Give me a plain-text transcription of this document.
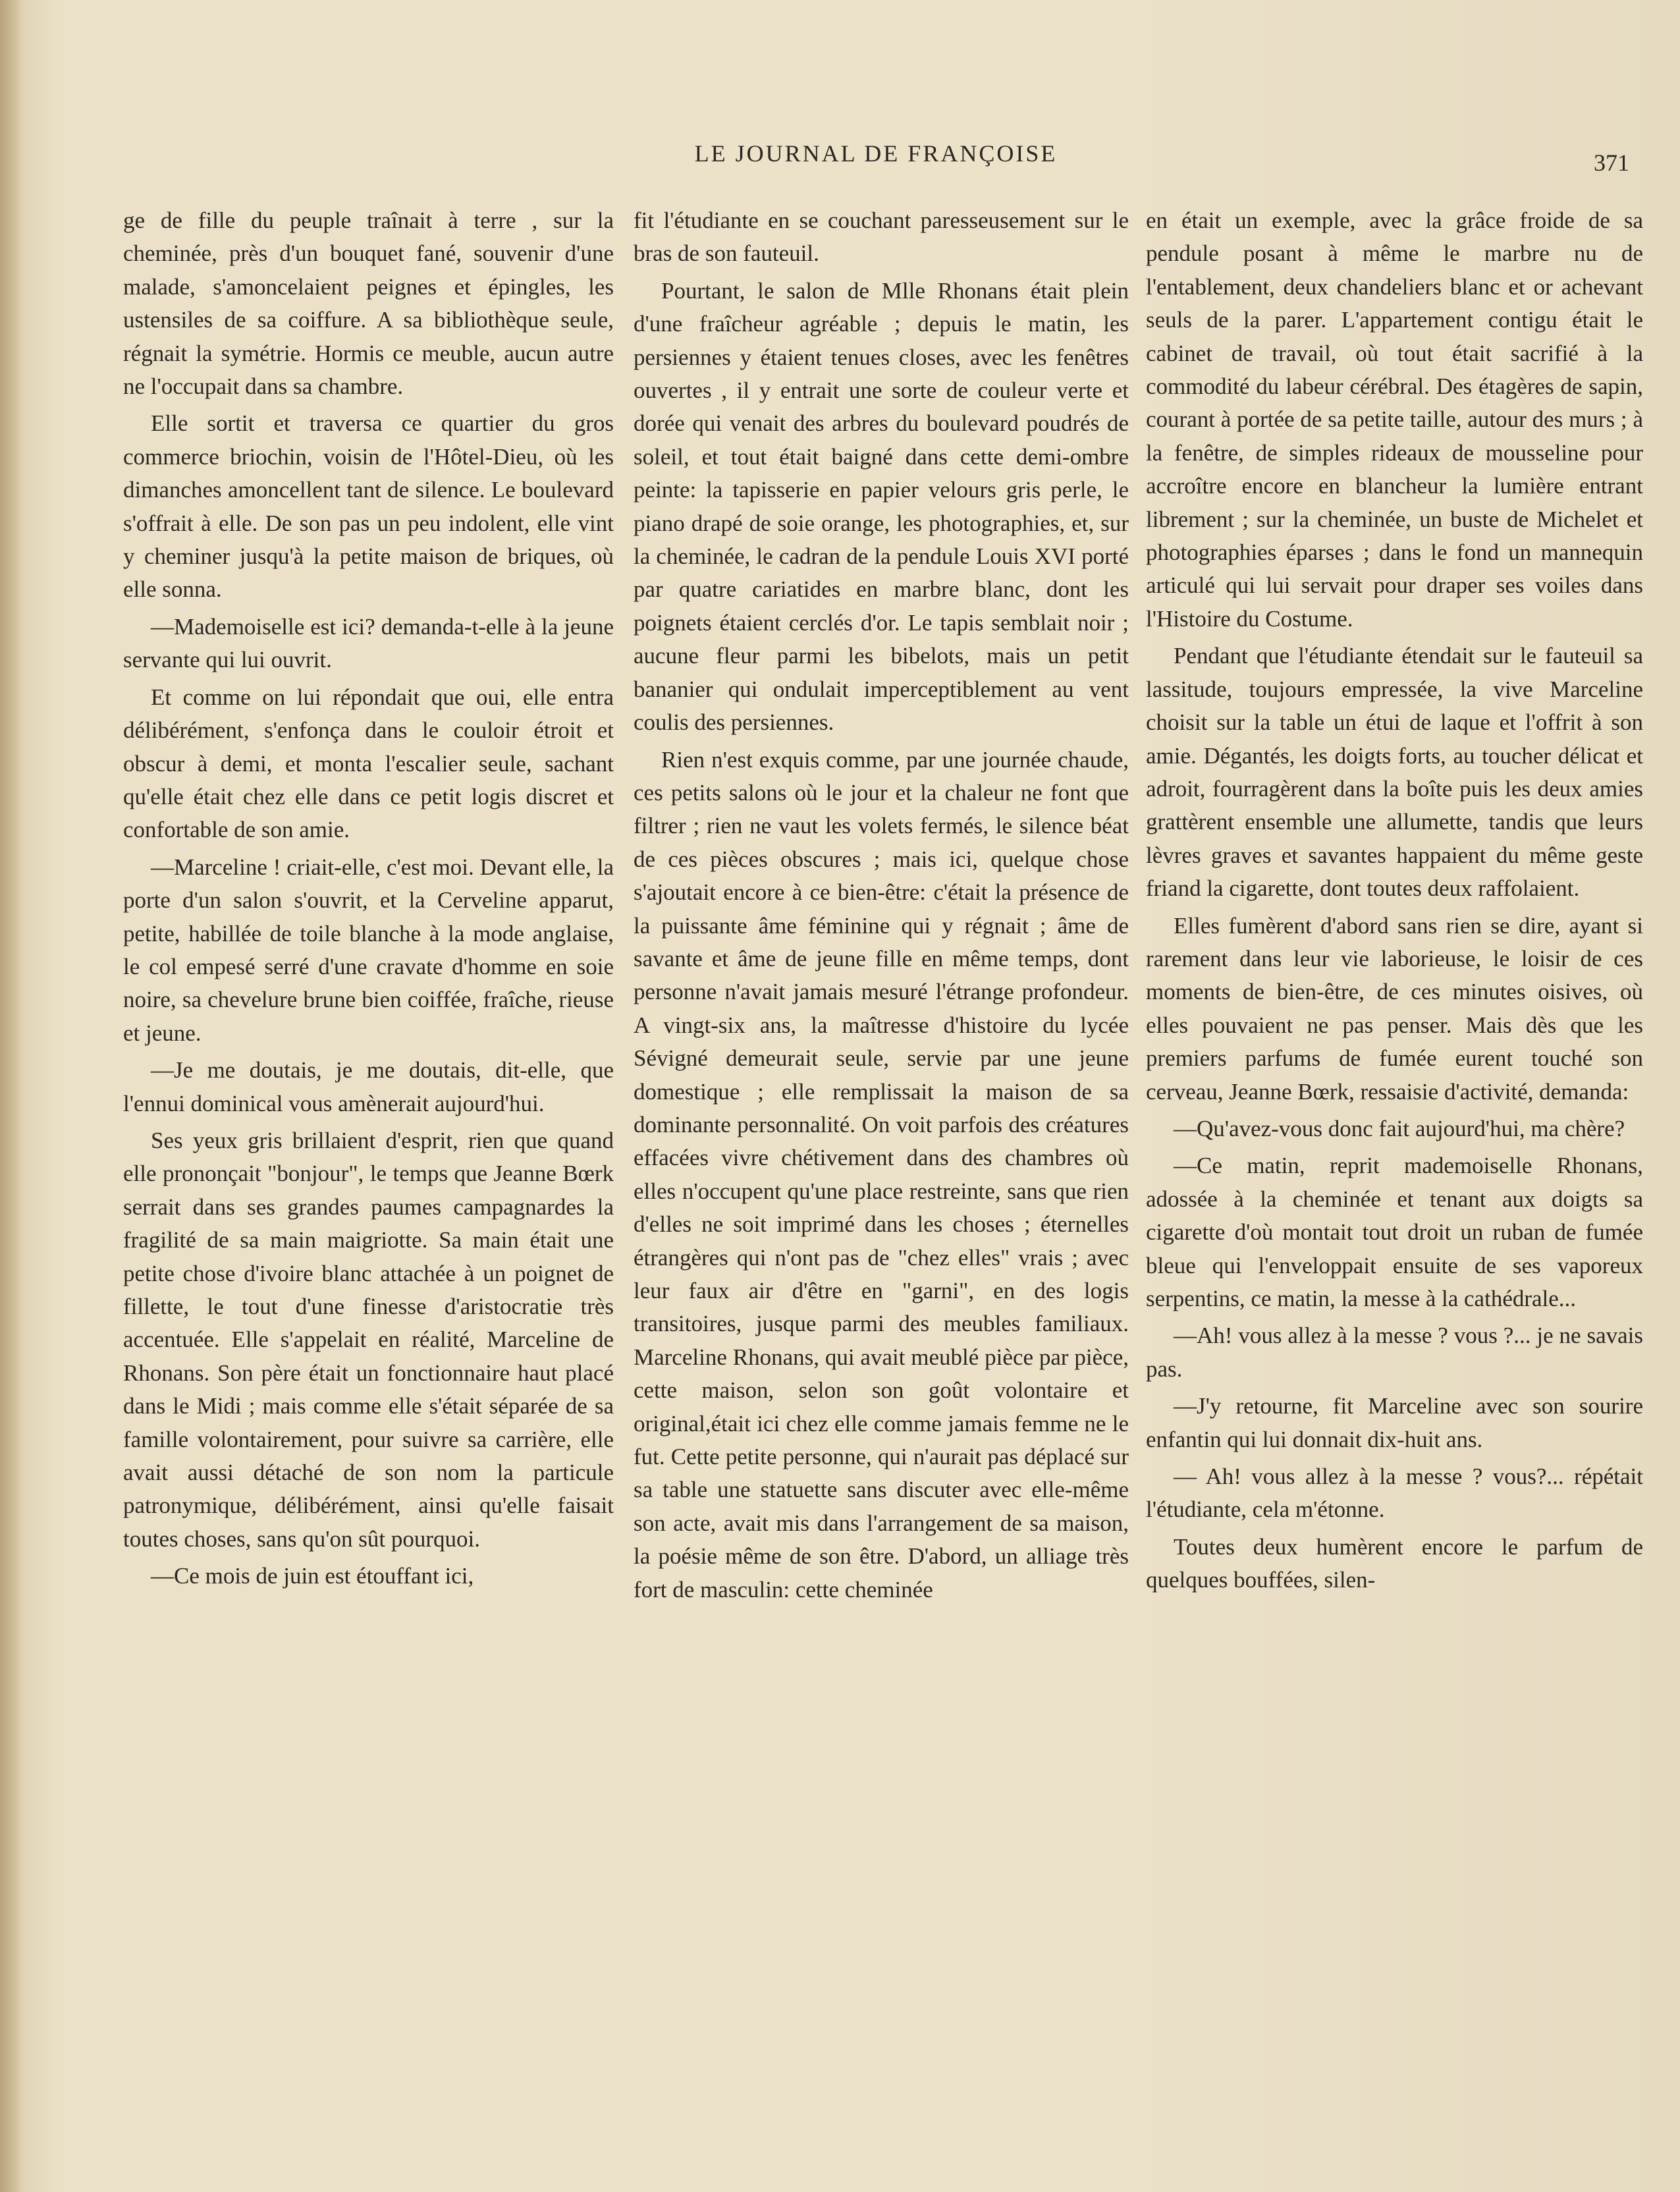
LE JOURNAL DE FRANÇOISE	371

ge de fille du peuple traînait à terre , sur la cheminée, près d'un bouquet fané, souvenir d'une malade, s'amoncelaient peignes et épingles, les ustensiles de sa coiffure. A sa bibliothèque seule, régnait la symétrie. Hormis ce meuble, aucun autre ne l'occupait dans sa chambre.

Elle sortit et traversa ce quartier du gros commerce briochin, voisin de l'Hôtel-Dieu, où les dimanches amoncellent tant de silence. Le boulevard s'offrait à elle. De son pas un peu indolent, elle vint y cheminer jusqu'à la petite maison de briques, où elle sonna.

—Mademoiselle est ici? demanda-t-elle à la jeune servante qui lui ouvrit.

Et comme on lui répondait que oui, elle entra délibérément, s'enfonça dans le couloir étroit et obscur à demi, et monta l'escalier seule, sachant qu'elle était chez elle dans ce petit logis discret et confortable de son amie.

—Marceline ! criait-elle, c'est moi. Devant elle, la porte d'un salon s'ouvrit, et la Cerveline apparut, petite, habillée de toile blanche à la mode anglaise, le col empesé serré d'une cravate d'homme en soie noire, sa chevelure brune bien coiffée, fraîche, rieuse et jeune.

—Je me doutais, je me doutais, dit-elle, que l'ennui dominical vous amènerait aujourd'hui.

Ses yeux gris brillaient d'esprit, rien que quand elle prononçait "bonjour", le temps que Jeanne Bœrk serrait dans ses grandes paumes campagnardes la fragilité de sa main maigriotte. Sa main était une petite chose d'ivoire blanc attachée à un poignet de fillette, le tout d'une finesse d'aristocratie très accentuée. Elle s'appelait en réalité, Marceline de Rhonans. Son père était un fonctionnaire haut placé dans le Midi ; mais comme elle s'était séparée de sa famille volontairement, pour suivre sa carrière, elle avait aussi détaché de son nom la particule patronymique, délibérément, ainsi qu'elle faisait toutes choses, sans qu'on sût pourquoi.

—Ce mois de juin est étouffant ici,

fit l'étudiante en se couchant paresseusement sur le bras de son fauteuil.

Pourtant, le salon de Mlle Rhonans était plein d'une fraîcheur agréable ; depuis le matin, les persiennes y étaient tenues closes, avec les fenêtres ouvertes , il y entrait une sorte de couleur verte et dorée qui venait des arbres du boulevard poudrés de soleil, et tout était baigné dans cette demi-ombre peinte: la tapisserie en papier velours gris perle, le piano drapé de soie orange, les photographies, et, sur la cheminée, le cadran de la pendule Louis XVI porté par quatre cariatides en marbre blanc, dont les poignets étaient cerclés d'or. Le tapis semblait noir ; aucune fleur parmi les bibelots, mais un petit bananier qui ondulait imperceptiblement au vent coulis des persiennes.

Rien n'est exquis comme, par une journée chaude, ces petits salons où le jour et la chaleur ne font que filtrer ; rien ne vaut les volets fermés, le silence béat de ces pièces obscures ; mais ici, quelque chose s'ajoutait encore à ce bien-être: c'était la présence de la puissante âme féminine qui y régnait ; âme de savante et âme de jeune fille en même temps, dont personne n'avait jamais mesuré l'étrange profondeur. A vingt-six ans, la maîtresse d'histoire du lycée Sévigné demeurait seule, servie par une jeune domestique ; elle remplissait la maison de sa dominante personnalité. On voit parfois des créatures effacées vivre chétivement dans des chambres où elles n'occupent qu'une place restreinte, sans que rien d'elles ne soit imprimé dans les choses ; éternelles étrangères qui n'ont pas de "chez elles" vrais ; avec leur faux air d'être en "garni", en des logis transitoires, jusque parmi des meubles familiaux. Marceline Rhonans, qui avait meublé pièce par pièce, cette maison, selon son goût volontaire et original,était ici chez elle comme jamais femme ne le fut. Cette petite personne, qui n'aurait pas déplacé sur sa table une statuette sans discuter avec elle-même son acte, avait mis dans l'arrangement de sa maison, la poésie même de son être. D'abord, un alliage très fort de masculin: cette cheminée

en était un exemple, avec la grâce froide de sa pendule posant à même le marbre nu de l'entablement, deux chandeliers blanc et or achevant seuls de la parer. L'appartement contigu était le cabinet de travail, où tout était sacrifié à la commodité du labeur cérébral. Des étagères de sapin, courant à portée de sa petite taille, autour des murs ; à la fenêtre, de simples rideaux de mousseline pour accroître encore en blancheur la lumière entrant librement ; sur la cheminée, un buste de Michelet et photographies éparses ; dans le fond un mannequin articulé qui lui servait pour draper ses voiles dans l'Histoire du Costume.

Pendant que l'étudiante étendait sur le fauteuil sa lassitude, toujours empressée, la vive Marceline choisit sur la table un étui de laque et l'offrit à son amie. Dégantés, les doigts forts, au toucher délicat et adroit, fourragèrent dans la boîte puis les deux amies grattèrent ensemble une allumette, tandis que leurs lèvres graves et savantes happaient du même geste friand la cigarette, dont toutes deux raffolaient.

Elles fumèrent d'abord sans rien se dire, ayant si rarement dans leur vie laborieuse, le loisir de ces moments de bien-être, de ces minutes oisives, où elles pouvaient ne pas penser. Mais dès que les premiers parfums de fumée eurent touché son cerveau, Jeanne Bœrk, ressaisie d'activité, demanda:

—Qu'avez-vous donc fait aujourd'hui, ma chère?

—Ce matin, reprit mademoiselle Rhonans, adossée à la cheminée et tenant aux doigts sa cigarette d'où montait tout droit un ruban de fumée bleue qui l'enveloppait ensuite de ses vaporeux serpentins, ce matin, la messe à la cathédrale...

—Ah! vous allez à la messe ? vous ?... je ne savais pas.

—J'y retourne, fit Marceline avec son sourire enfantin qui lui donnait dix-huit ans.

— Ah! vous allez à la messe ? vous?... répétait l'étudiante, cela m'étonne.

Toutes deux humèrent encore le parfum de quelques bouffées, silen-
